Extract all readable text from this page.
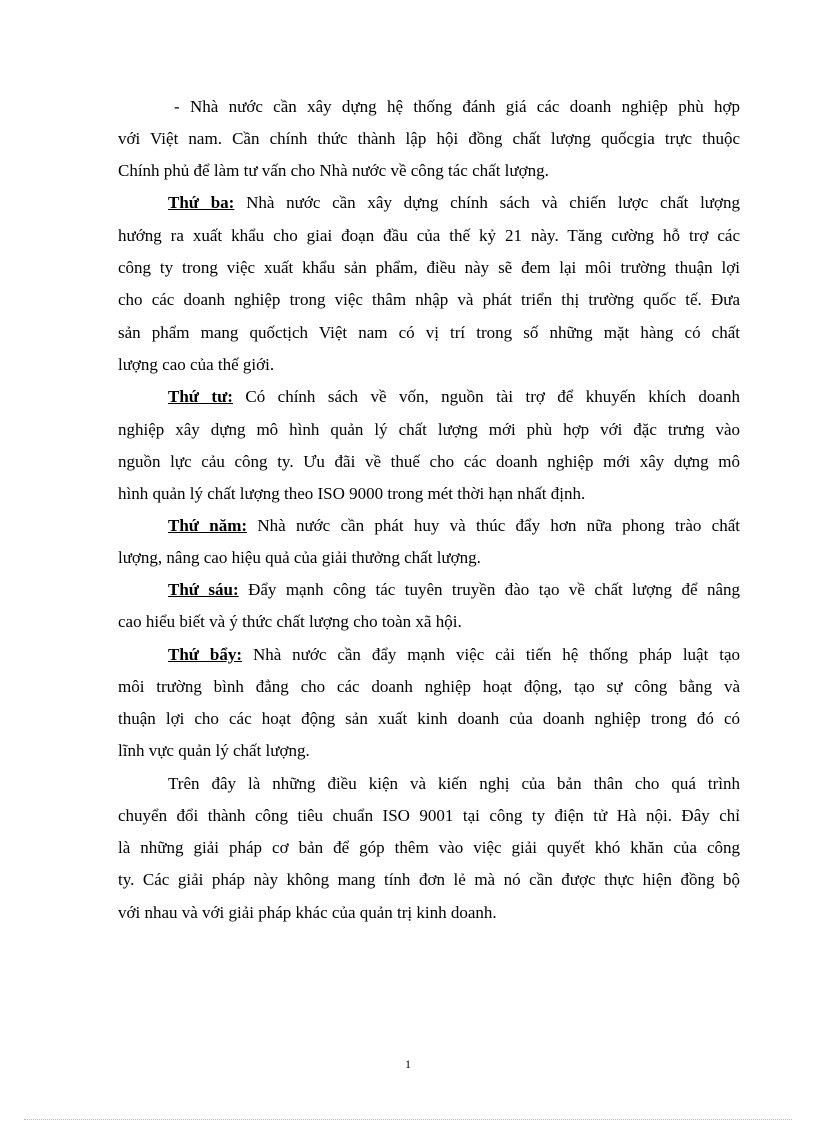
- Nhà nước cần xây dựng hệ thống đánh giá các doanh nghiệp phù hợp
với Việt nam. Cần chính thức thành lập hội đồng chất lượng quốcgia trực thuộc
Chính phủ để làm tư vấn cho Nhà nước về công tác chất lượng.
Thứ ba: Nhà nước cần xây dựng chính sách và chiến lược chất lượng
hướng ra xuất khẩu cho giai đoạn đầu của thế kỷ 21 này. Tăng cường hỗ trợ các
công ty trong việc xuất khẩu sản phẩm, điều này sẽ đem lại môi trường thuận lợi
cho các doanh nghiệp trong việc thâm nhập và phát triển thị trường quốc tế. Đưa
sản phẩm mang quốctịch Việt nam có vị trí trong số những mặt hàng có chất
lượng cao của thế giới.
Thứ tư: Có chính sách về vốn, nguồn tài trợ để khuyến khích doanh
nghiệp xây dựng mô hình quản lý chất lượng mới phù hợp với đặc trưng vào
nguồn lực cảu công ty. Ưu đãi về thuế cho các doanh nghiệp mới xây dựng mô
hình quản lý chất lượng theo ISO 9000 trong mét thời hạn nhất định.
Thứ năm: Nhà nước cần phát huy và thúc đẩy hơn nữa phong trào chất
lượng, nâng cao hiệu quả của giải thưởng chất lượng.
Thứ sáu: Đẩy mạnh công tác tuyên truyền đào tạo về chất lượng để nâng
cao hiểu biết và ý thức chất lượng cho toàn xã hội.
Thứ bẩy: Nhà nước cần đẩy mạnh việc cải tiến hệ thống pháp luật tạo
môi trường bình đẳng cho các doanh nghiệp hoạt động, tạo sự công bằng và
thuận lợi cho các hoạt động sản xuất kinh doanh của doanh nghiệp trong đó có
lĩnh vực quản lý chất lượng.
Trên đây là những điều kiện và kiến nghị của bản thân cho quá trình
chuyển đổi thành công tiêu chuẩn ISO 9001 tại công ty điện tử Hà nội. Đây chỉ
là những giải pháp cơ bản để góp thêm vào việc giải quyết khó khăn của công
ty. Các giải pháp này không mang tính đơn lẻ mà nó cần được thực hiện đồng bộ
với nhau và với giải pháp khác của quản trị kinh doanh.
1
